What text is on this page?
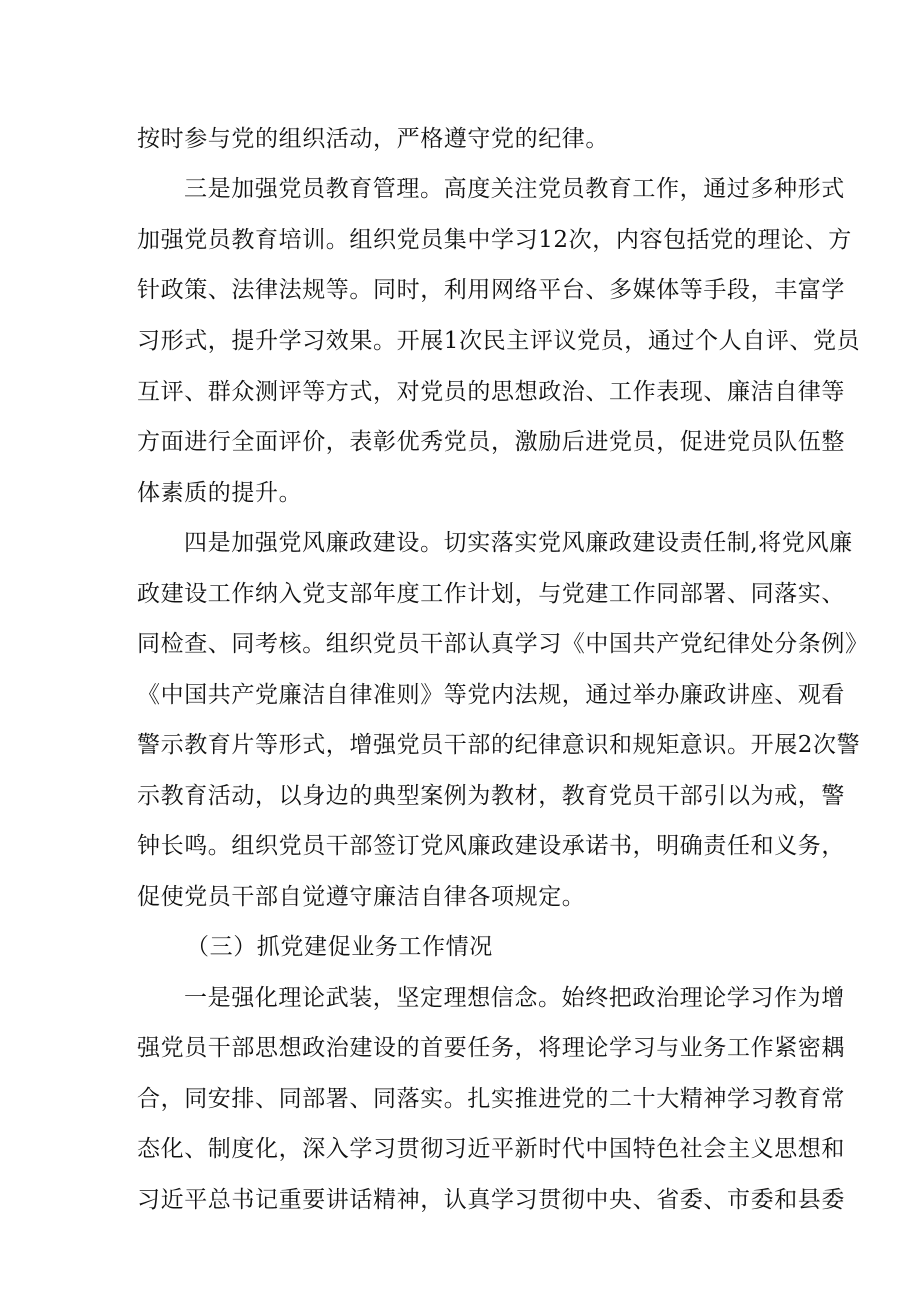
按时参与党的组织活动，严格遵守党的纪律。

三是加强党员教育管理。高度关注党员教育工作，通过多种形式

加强党员教育培训。组织党员集中学习12次，内容包括党的理论、方

针政策、法律法规等。同时，利用网络平台、多媒体等手段，丰富学

习形式，提升学习效果。开展1次民主评议党员，通过个人自评、党员

互评、群众测评等方式，对党员的思想政治、工作表现、廉洁自律等

方面进行全面评价，表彰优秀党员，激励后进党员，促进党员队伍整

体素质的提升。

四是加强党风廉政建设。切实落实党风廉政建设责任制,将党风廉

政建设工作纳入党支部年度工作计划，与党建工作同部署、同落实、

同检查、同考核。组织党员干部认真学习《中国共产党纪律处分条例》

《中国共产党廉洁自律准则》等党内法规，通过举办廉政讲座、观看

警示教育片等形式，增强党员干部的纪律意识和规矩意识。开展2次警

示教育活动，以身边的典型案例为教材，教育党员干部引以为戒，警

钟长鸣。组织党员干部签订党风廉政建设承诺书，明确责任和义务，

促使党员干部自觉遵守廉洁自律各项规定。

（三）抓党建促业务工作情况

一是强化理论武装，坚定理想信念。始终把政治理论学习作为增

强党员干部思想政治建设的首要任务，将理论学习与业务工作紧密耦

合，同安排、同部署、同落实。扎实推进党的二十大精神学习教育常

态化、制度化，深入学习贯彻习近平新时代中国特色社会主义思想和

习近平总书记重要讲话精神，认真学习贯彻中央、省委、市委和县委
